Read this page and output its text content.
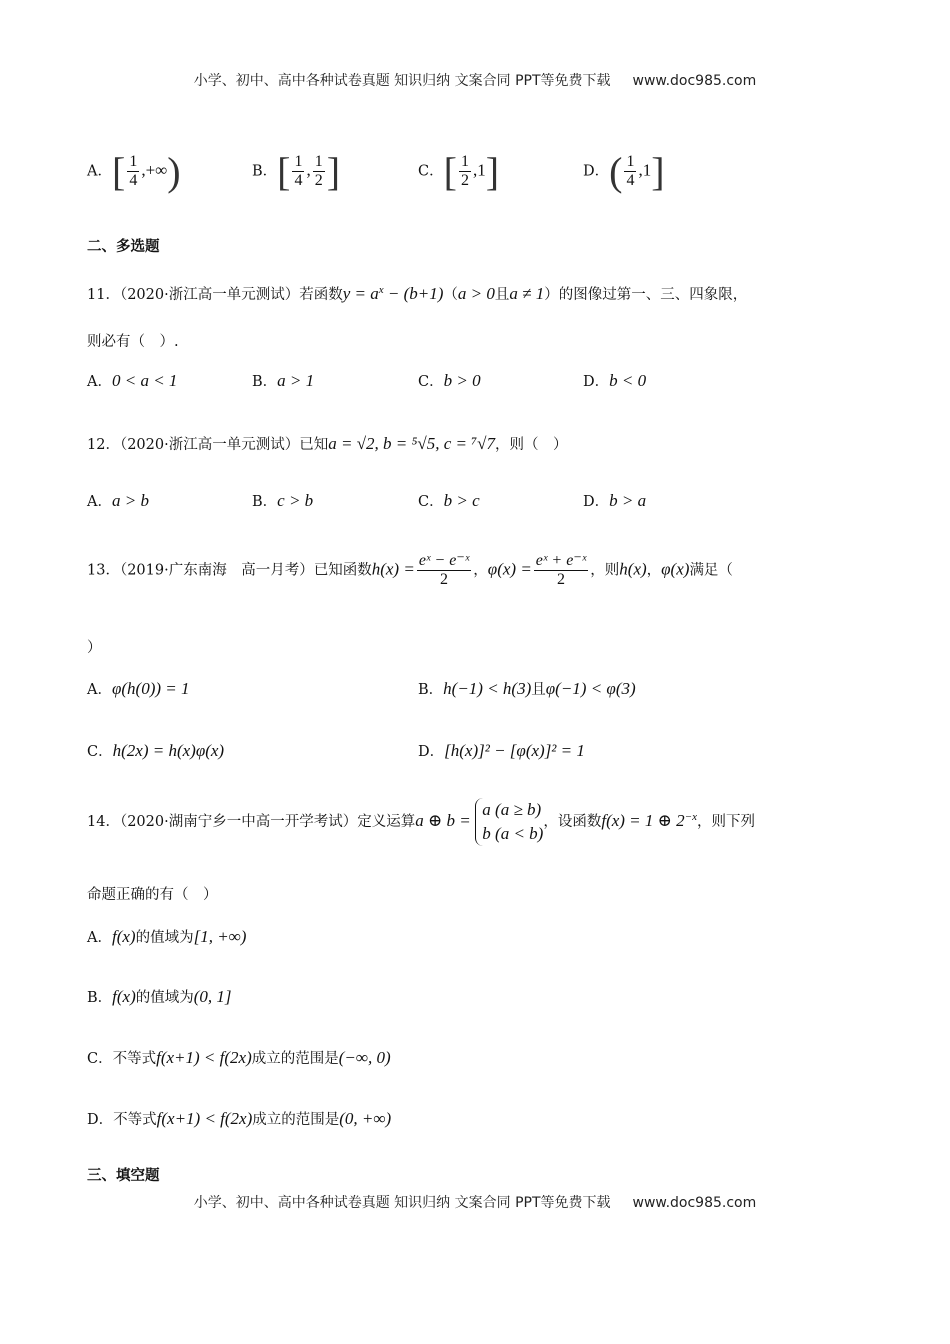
小学、初中、高中各种试卷真题 知识归纳 文案合同 PPT等免费下载 www.doc985.com
A．[ $\frac{1}{4}$ ,+∞)	B．[ $\frac{1}{4}$ , $\frac{1}{2}$ ]	C．[ $\frac{1}{2} ,1$]	D．( $\frac{1}{4} ,1$]
二、多选题
11．（2020·浙江高一单元测试）若函数$y = a^x - (b+1)(a > 0$且a ≠ 1）的图像过第一、三、四象限，
则必有（　）.
A．0 < a < 1	B．a > 1	C．b > 0	D．b < 0
12．（2020·浙江高一单元测试）已知a = √2, b = ⁵√5, c = ⁷√7，则（　）
A．a > b	B．c > b	C．b > c	D．b > a
13．（2019·广东南海　高一月考）已知函数$h(x) = \frac{\text{eˣ − e⁻ˣ}}{2}$ ，$\varphi(x) = \frac{\text{eˣ + e⁻ˣ}}{2}$ ，则h(x)，φ(x)满足（
）
A．φ(h(0)) = 1	B．h(−1) < h(3)且φ(−1) < φ(3)
C．h(2x) = h(x)φ(x)	D．[h(x)]² − [φ(x)]² = 1
14．（2020·湖南宁乡一中高一开学考试）定义运算a ⊕ b =
a (a ≥ b)
b (a < b)
，设函数f(x) = 1 ⊕ $2^{-x}$，则下列
命题正确的有（　）
A．f(x)的值域为[1, +∞)
B．f(x)的值域为(0, 1]
C．不等式f(x+1) < f(2x)成立的范围是(−∞, 0)
D．不等式f(x+1) < f(2x)成立的范围是(0, +∞)
三、填空题
小学、初中、高中各种试卷真题 知识归纳 文案合同 PPT等免费下载 www.doc985.com
